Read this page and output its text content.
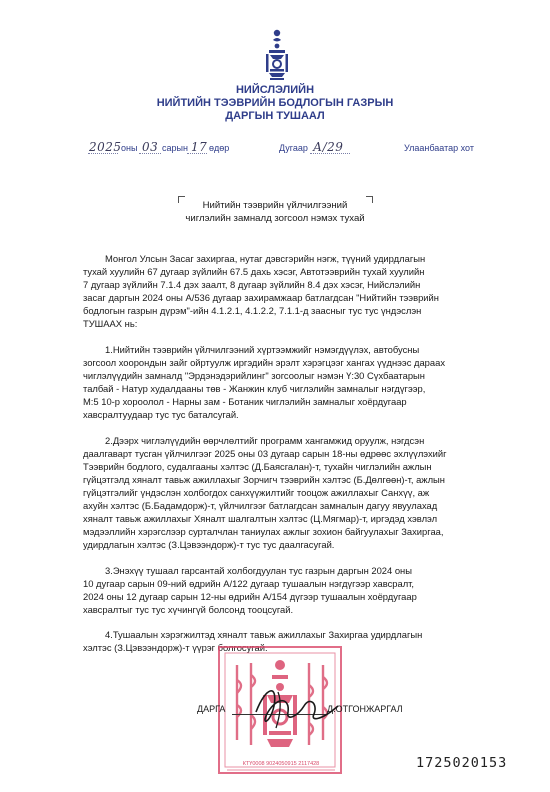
НИЙСЛЭЛИЙН
НИЙТИЙН ТЭЭВРИЙН БОДЛОГЫН ГАЗРЫН
ДАРГЫН ТУШААЛ
2025 оны 03 сарын 17 өдөр	Дугаар А/29	Улаанбаатар хот
Нийтийн тээврийн үйлчилгээний
чиглэлийн замналд зогсоол нэмэх тухай
Монгол Улсын Засаг захиргаа, нутаг дэвсгэрийн нэгж, түүний удирдлагын
тухай хуулийн 67 дугаар зүйлийн 67.5 дахь хэсэг, Автотээврийн тухай хуулийн
7 дугаар зүйлийн 7.1.4 дэх заалт, 8 дугаар зүйлийн 8.4 дэх хэсэг, Нийслэлийн
засаг даргын 2024 оны А/536 дугаар захирамжаар батлагдсан "Нийтийн тээврийн
бодлогын газрын дүрэм"-ийн 4.1.2.1, 4.1.2.2, 7.1.1-д заасныг тус тус үндэслэн
ТУШААХ нь:
1.Нийтийн тээврийн үйлчилгээний хүртээмжийг нэмэгдүүлэх, автобусны
зогсоол хоорондын зайг ойртуулж иргэдийн эрэлт хэрэгцээг хангах үүднээс дараах
чиглэлүүдийн замналд "Эрдэнэдэрийлинг" зогсоолыг нэмэн Ү:30 Сүхбаатарын
талбай - Натур худалдааны төв - Жанжин клуб чиглэлийн замналыг нэгдүгээр,
М:5 10-р хороолол - Нарны зам - Ботаник чиглэлийн замналыг хоёрдугаар
хавсралтуудаар тус тус баталсугай.
2.Дээрх чиглэлүүдийн өөрчлөлтийг программ хангамжид оруулж, нэгдсэн
даалгаварт тусган үйлчилгээг 2025 оны 03 дугаар сарын 18-ны өдрөөс эхлүүлэхийг
Тээврийн бодлого, судалгааны хэлтэс (Д.Баясгалан)-т, тухайн чиглэлийн ажлын
гүйцэтгэлд хяналт тавьж ажиллахыг Зорчигч тээврийн хэлтэс (Б.Дөлгөөн)-т, ажлын
гүйцэтгэлийг үндэслэн холбогдох санхүүжилтийг тооцож ажиллахыг Санхүү, аж
ахуйн хэлтэс (Б.Бадамдорж)-т, үйлчилгээг батлагдсан замналын дагуу явуулахад
хяналт тавьж ажиллахыг Хяналт шалгалтын хэлтэс (Ц.Мягмар)-т, иргэдэд хэвлэл
мэдээллийн хэрэгслээр сурталчлан таниулах ажлыг зохион байгуулахыг Захиргаа,
удирдлагын хэлтэс (З.Цэвээндорж)-т тус тус даалгасугай.
3.Энэхүү тушаал гарсантай холбогдуулан тус газрын даргын 2024 оны
10 дугаар сарын 09-ний өдрийн А/122 дугаар тушаалын нэгдүгээр хавсралт,
2024 оны 12 дугаар сарын 12-ны өдрийн А/154 дүгээр тушаалын хоёрдугаар
хавсралтыг тус тус хүчингүй болсонд тооцсугай.
4.Тушаалын хэрэгжилтэд хяналт тавьж ажиллахыг Захиргаа удирдлагын
хэлтэс (З.Цэвээндорж)-т үүрэг болгосугай.
КТҮ0008 9024050915 2117428
ДАРГА	Д.ОТГОНЖАРГАЛ
1725020153
